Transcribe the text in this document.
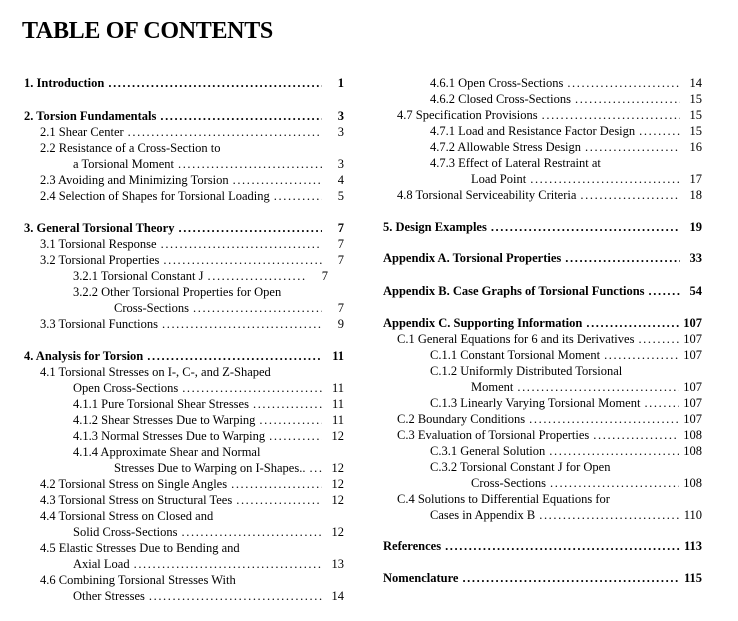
TABLE OF CONTENTS
1. Introduction .....	1
2. Torsion Fundamentals .....	3
2.1 Shear Center .....	3
2.2 Resistance of a Cross-Section to
a Torsional Moment .....	3
2.3 Avoiding and Minimizing Torsion .....	4
2.4 Selection of Shapes for Torsional Loading .....	5
3. General Torsional Theory .....	7
3.1 Torsional Response .....	7
3.2 Torsional Properties .....	7
3.2.1 Torsional Constant J .....	7
3.2.2 Other Torsional Properties for Open
Cross-Sections .....	7
3.3 Torsional Functions .....	9
4. Analysis for Torsion .....	11
4.1 Torsional Stresses on I-, C-, and Z-Shaped
Open Cross-Sections .....	11
4.1.1 Pure Torsional Shear Stresses .....	11
4.1.2 Shear Stresses Due to Warping .....	11
4.1.3 Normal Stresses Due to Warping .....	12
4.1.4 Approximate Shear and Normal
Stresses Due to Warping on I-Shapes.. .....	12
4.2 Torsional Stress on Single Angles .....	12
4.3 Torsional Stress on Structural Tees .....	12
4.4 Torsional Stress on Closed and
Solid Cross-Sections .....	12
4.5 Elastic Stresses Due to Bending and
Axial Load .....	13
4.6 Combining Torsional Stresses With
Other Stresses .....	14
4.6.1 Open Cross-Sections .....	14
4.6.2 Closed Cross-Sections .....	15
4.7 Specification Provisions .....	15
4.7.1 Load and Resistance Factor Design .....	15
4.7.2 Allowable Stress Design .....	16
4.7.3 Effect of Lateral Restraint at
Load Point .....	17
4.8 Torsional Serviceability Criteria .....	18
5. Design Examples .....	19
Appendix A. Torsional Properties .....	33
Appendix B. Case Graphs of Torsional Functions .....	54
Appendix C. Supporting Information .....	107
C.1 General Equations for 6 and its Derivatives .....	107
C.1.1 Constant Torsional Moment .....	107
C.1.2 Uniformly Distributed Torsional
Moment .....	107
C.1.3 Linearly Varying Torsional Moment .....	107
C.2 Boundary Conditions .....	107
C.3 Evaluation of Torsional Properties .....	108
C.3.1 General Solution .....	108
C.3.2 Torsional Constant J for Open
Cross-Sections .....	108
C.4 Solutions to Differential Equations for
Cases in Appendix B .....	110
References .....	113
Nomenclature .....	115
